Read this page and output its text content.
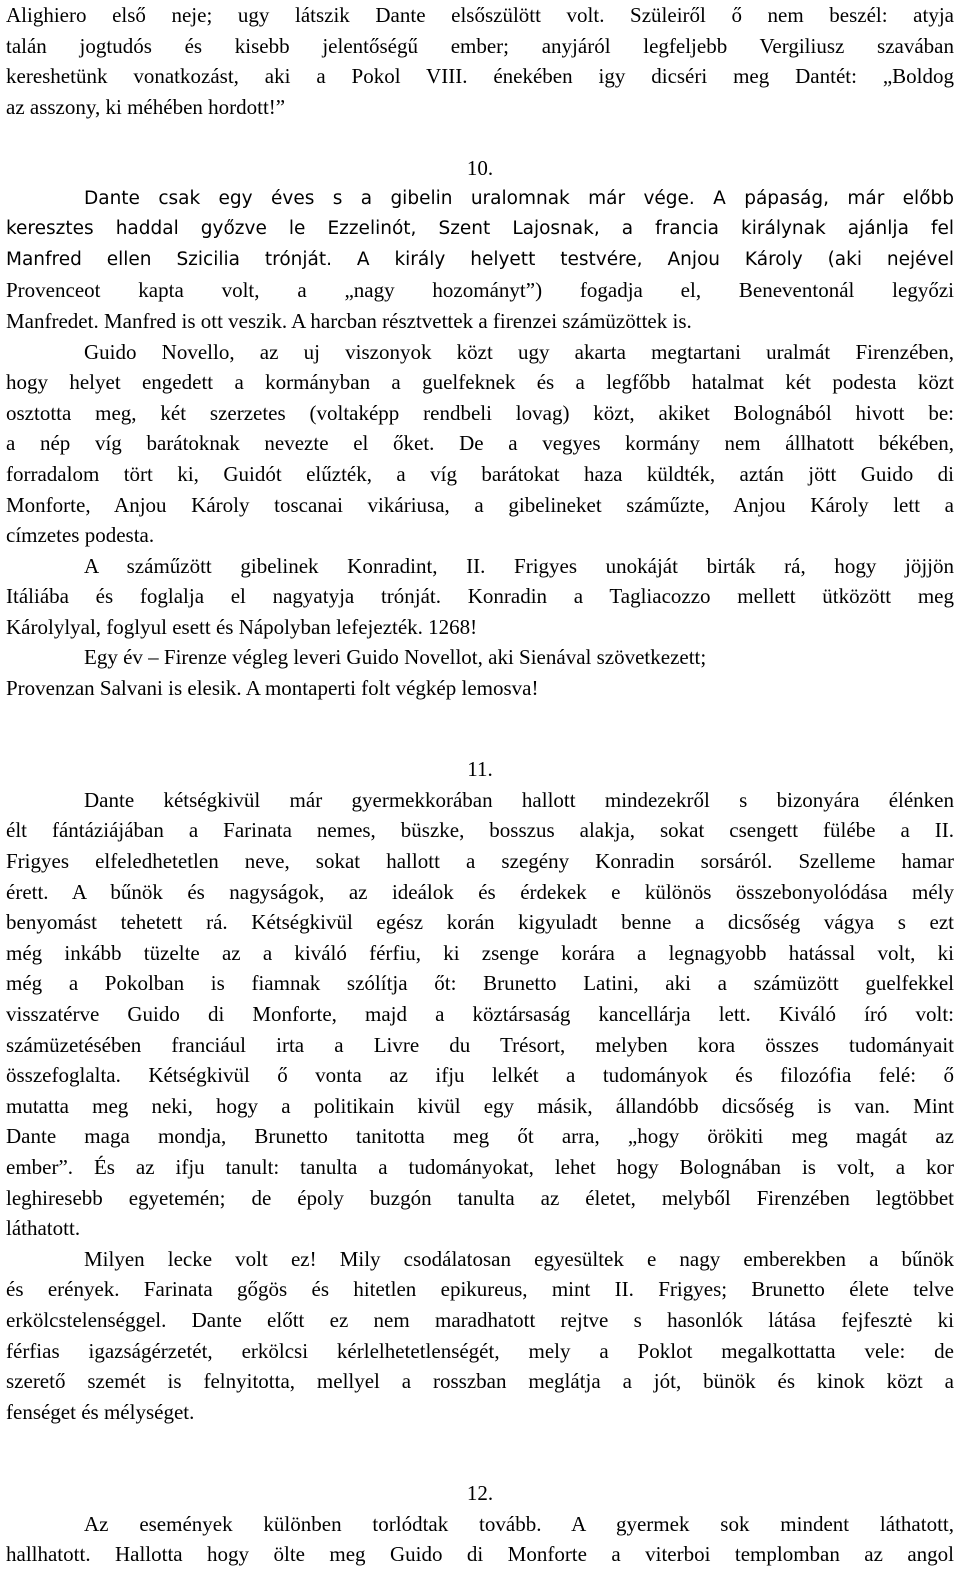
Alighiero első neje; ugy látszik Dante elsőszülött volt. Szüleiről ő nem beszél: atyja
talán jogtudós és kisebb jelentőségű ember; anyjáról legfeljebb Vergiliusz szavában
kereshetünk vonatkozást, aki a Pokol VIII. énekében igy dicséri meg Dantét: „Boldog
az asszony, ki méhében hordott!”
10.
Dante csak egy éves s a gibelin uralomnak már vége. A pápaság, már előbb
keresztes haddal győzve le Ezzelinót, Szent Lajosnak, a francia királynak ajánlja fel
Manfred ellen Szicilia trónját. A király helyett testvére, Anjou Károly (aki nejével
Provenceot kapta volt, a „nagy hozományt”) fogadja el, Beneventonál legyőzi
Manfredet. Manfred is ott veszik. A harcban résztvettek a firenzei számüzöttek is.
Guido Novello, az uj viszonyok közt ugy akarta megtartani uralmát Firenzében,
hogy helyet engedett a kormányban a guelfeknek és a legfőbb hatalmat két podesta közt
osztotta meg, két szerzetes (voltaképp rendbeli lovag) közt, akiket Bolognából hivott be:
a nép víg barátoknak nevezte el őket. De a vegyes kormány nem állhatott békében,
forradalom tört ki, Guidót elűzték, a víg barátokat haza küldték, aztán jött Guido di
Monforte, Anjou Károly toscanai vikáriusa, a gibelineket száműzte, Anjou Károly lett a
címzetes podesta.
A száműzött gibelinek Konradint, II. Frigyes unokáját birták rá, hogy jöjjön
Itáliába és foglalja el nagyatyja trónját. Konradin a Tagliacozzo mellett ütközött meg
Károlylyal, foglyul esett és Nápolyban lefejezték. 1268!
Egy év – Firenze végleg leveri Guido Novellot, aki Sienával szövetkezett;
Provenzan Salvani is elesik. A montaperti folt végkép lemosva!
11.
Dante kétségkivül már gyermekkorában hallott mindezekről s bizonyára élénken
élt fántáziájában a Farinata nemes, büszke, bosszus alakja, sokat csengett fülébe a II.
Frigyes elfeledhetetlen neve, sokat hallott a szegény Konradin sorsáról. Szelleme hamar
érett. A bűnök és nagyságok, az ideálok és érdekek e különös összebonyolódása mély
benyomást tehetett rá. Kétségkivül egész korán kigyuladt benne a dicsőség vágya s ezt
még inkább tüzelte az a kiváló férfiu, ki zsenge korára a legnagyobb hatással volt, ki
még a Pokolban is fiamnak szólítja őt: Brunetto Latini, aki a számüzött guelfekkel
visszatérve Guido di Monforte, majd a köztársaság kancellárja lett. Kiváló író volt:
számüzetésében franciául irta a Livre du Trésort, melyben kora összes tudományait
összefoglalta. Kétségkivül ő vonta az ifju lelkét a tudományok és filozófia felé: ő
mutatta meg neki, hogy a politikain kivül egy másik, állandóbb dicsőség is van. Mint
Dante maga mondja, Brunetto tanitotta meg őt arra, „hogy örökiti meg magát az
ember”. És az ifju tanult: tanulta a tudományokat, lehet hogy Bolognában is volt, a kor
leghiresebb egyetemén; de époly buzgón tanulta az életet, melyből Firenzében legtöbbet
láthatott.
Milyen lecke volt ez! Mily csodálatosan egyesültek e nagy emberekben a bűnök
és erények. Farinata gőgös és hitetlen epikureus, mint II. Frigyes; Brunetto élete telve
erkölcstelenséggel. Dante előtt ez nem maradhatott rejtve s hasonlók látása fejfesztė ki
férfias igazságérzetét, erkölcsi kérlelhetetlenségét, mely a Poklot megalkottatta vele: de
szerető szemét is felnyitotta, mellyel a rosszban meglátja a jót, bünök és kinok közt a
fenséget és mélységet.
12.
Az események különben torlódtak tovább. A gyermek sok mindent láthatott,
hallhatott. Hallotta hogy ölte meg Guido di Monforte a viterboi templomban az angol
